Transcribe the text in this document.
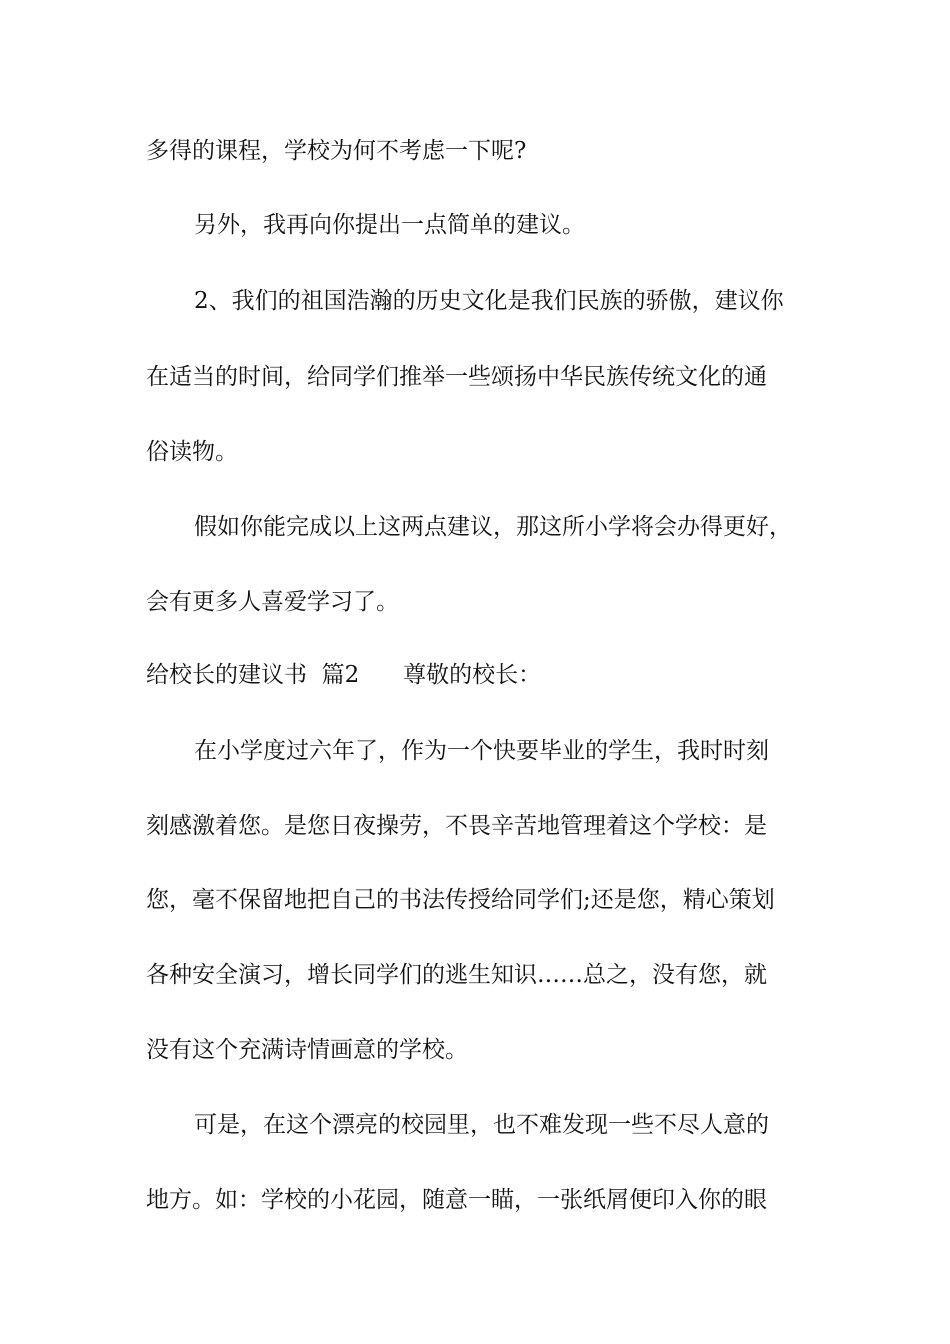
多得的课程，学校为何不考虑一下呢?
另外，我再向你提出一点简单的建议。
2、我们的祖国浩瀚的历史文化是我们民族的骄傲，建议你
在适当的时间，给同学们推举一些颂扬中华民族传统文化的通
俗读物。
假如你能完成以上这两点建议，那这所小学将会办得更好，
会有更多人喜爱学习了。
给校长的建议书  篇2      尊敬的校长：
在小学度过六年了，作为一个快要毕业的学生，我时时刻
刻感激着您。是您日夜操劳，不畏辛苦地管理着这个学校：是
您，毫不保留地把自己的书法传授给同学们;还是您，精心策划
各种安全演习，增长同学们的逃生知识……总之，没有您，就
没有这个充满诗情画意的学校。
可是，在这个漂亮的校园里，也不难发现一些不尽人意的
地方。如：学校的小花园，随意一瞄，一张纸屑便印入你的眼
